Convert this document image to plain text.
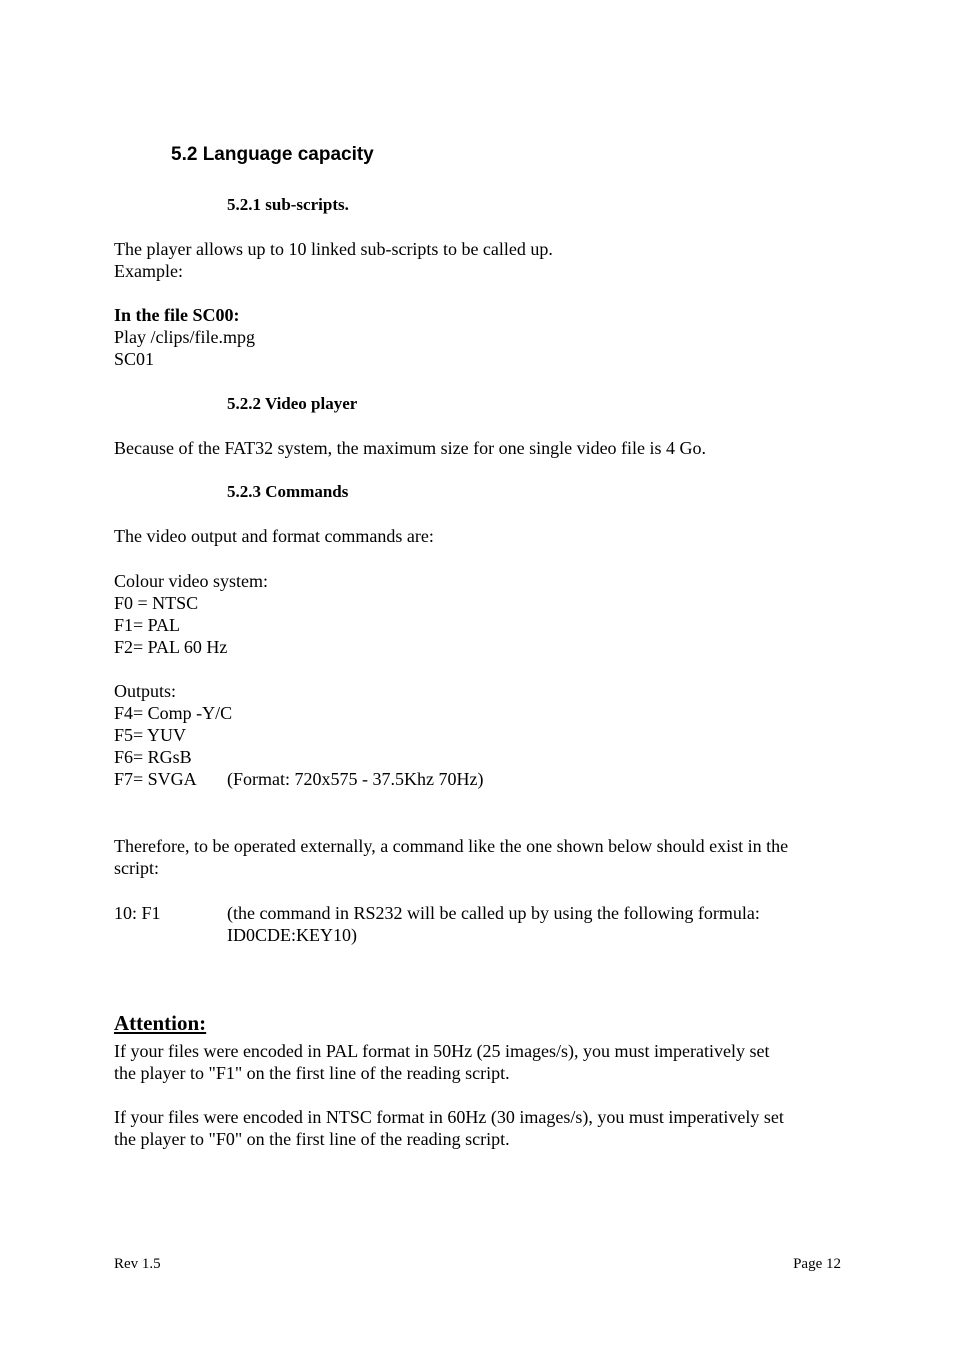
5.2 Language capacity
5.2.1 sub-scripts.
The player allows up to 10 linked sub-scripts to be called up.
Example:
In the file SC00:
Play /clips/file.mpg
SC01
5.2.2 Video player
Because of the FAT32 system, the maximum size for one single video file is 4 Go.
5.2.3 Commands
The video output and format commands are:
Colour video system:
F0 = NTSC
F1= PAL
F2= PAL 60 Hz
Outputs:
F4= Comp -Y/C
F5= YUV
F6= RGsB
F7= SVGA (Format: 720x575 - 37.5Khz 70Hz)
Therefore, to be operated externally, a command like the one shown below should exist in the
script:
10: F1	(the command in RS232 will be called up by using the following formula:
ID0CDE:KEY10)
Attention:
If your files were encoded in PAL format in 50Hz (25 images/s), you must imperatively set
the player to "F1" on the first line of the reading script.
If your files were encoded in NTSC format in 60Hz (30 images/s), you must imperatively set
the player to "F0" on the first line of the reading script.
Rev 1.5	Page 12
